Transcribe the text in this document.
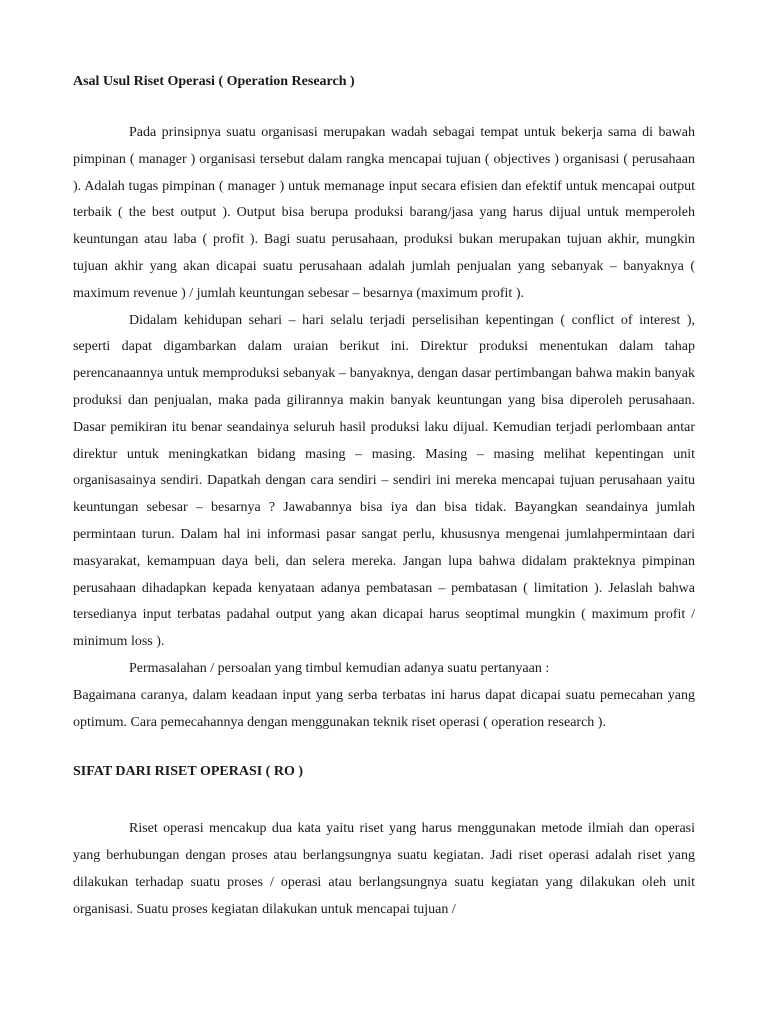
Asal Usul Riset Operasi ( Operation Research )

Pada prinsipnya suatu organisasi merupakan wadah sebagai tempat untuk bekerja sama di bawah pimpinan ( manager ) organisasi tersebut dalam rangka mencapai tujuan ( objectives ) organisasi ( perusahaan ). Adalah tugas pimpinan ( manager ) untuk memanage input secara efisien dan efektif untuk mencapai output terbaik ( the best output ). Output bisa berupa produksi barang/jasa yang harus dijual untuk memperoleh keuntungan atau laba ( profit ). Bagi suatu perusahaan, produksi bukan merupakan tujuan akhir, mungkin tujuan akhir yang akan dicapai suatu perusahaan adalah jumlah penjualan yang sebanyak – banyaknya ( maximum revenue ) / jumlah keuntungan sebesar – besarnya (maximum profit ).

Didalam kehidupan sehari – hari selalu terjadi perselisihan kepentingan ( conflict of interest ), seperti dapat digambarkan dalam uraian berikut ini. Direktur produksi menentukan dalam tahap perencanaannya untuk memproduksi sebanyak – banyaknya, dengan dasar pertimbangan bahwa makin banyak produksi dan penjualan, maka pada gilirannya makin banyak keuntungan yang bisa diperoleh perusahaan. Dasar pemikiran itu benar seandainya seluruh hasil produksi laku dijual. Kemudian terjadi perlombaan antar direktur untuk meningkatkan bidang masing – masing. Masing – masing melihat kepentingan unit organisasainya sendiri. Dapatkah dengan cara sendiri – sendiri ini mereka mencapai tujuan perusahaan yaitu keuntungan sebesar – besarnya ? Jawabannya bisa iya dan bisa tidak. Bayangkan seandainya jumlah permintaan turun. Dalam hal ini informasi pasar sangat perlu, khususnya mengenai jumlahpermintaan dari masyarakat, kemampuan daya beli, dan selera mereka. Jangan lupa bahwa didalam prakteknya pimpinan perusahaan dihadapkan kepada kenyataan adanya pembatasan – pembatasan ( limitation ). Jelaslah bahwa tersedianya input terbatas padahal output yang akan dicapai harus seoptimal mungkin ( maximum profit / minimum loss ).

Permasalahan / persoalan yang timbul kemudian adanya suatu pertanyaan :

Bagaimana caranya, dalam keadaan input yang serba terbatas ini harus dapat dicapai suatu pemecahan yang optimum. Cara pemecahannya dengan menggunakan teknik riset operasi ( operation research ).

SIFAT DARI RISET OPERASI ( RO )

Riset operasi mencakup dua kata yaitu riset yang harus menggunakan metode ilmiah dan operasi yang berhubungan dengan proses atau berlangsungnya suatu kegiatan. Jadi riset operasi adalah riset yang dilakukan terhadap suatu proses / operasi atau berlangsungnya suatu kegiatan yang dilakukan oleh unit organisasi. Suatu proses kegiatan dilakukan untuk mencapai tujuan /
